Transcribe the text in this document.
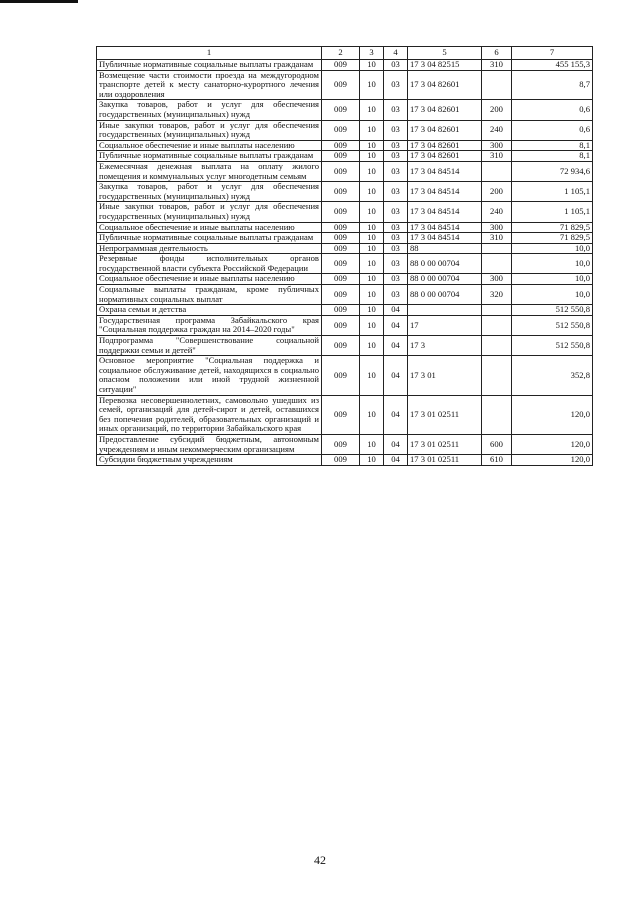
1	2	3	4	5	6	7
Публичные нормативные социальные выплаты гражданам	009	10	03	17 3 04 82515	310	455 155,3
Возмещение части стоимости проезда на междугородном транспорте детей к месту санаторно-курортного лечения или оздоровления	009	10	03	17 3 04 82601		8,7
Закупка товаров, работ и услуг для обеспечения государственных (муниципальных) нужд	009	10	03	17 3 04 82601	200	0,6
Иные закупки товаров, работ и услуг для обеспечения государственных (муниципальных) нужд	009	10	03	17 3 04 82601	240	0,6
Социальное обеспечение и иные выплаты населению	009	10	03	17 3 04 82601	300	8,1
Публичные нормативные социальные выплаты гражданам	009	10	03	17 3 04 82601	310	8,1
Ежемесячная денежная выплата на оплату жилого помещения и коммунальных услуг многодетным семьям	009	10	03	17 3 04 84514		72 934,6
Закупка товаров, работ и услуг для обеспечения государственных (муниципальных) нужд	009	10	03	17 3 04 84514	200	1 105,1
Иные закупки товаров, работ и услуг для обеспечения государственных (муниципальных) нужд	009	10	03	17 3 04 84514	240	1 105,1
Социальное обеспечение и иные выплаты населению	009	10	03	17 3 04 84514	300	71 829,5
Публичные нормативные социальные выплаты гражданам	009	10	03	17 3 04 84514	310	71 829,5
Непрограммная деятельность	009	10	03	88		10,0
Резервные фонды исполнительных органов государственной власти субъекта Российской Федерации	009	10	03	88 0 00 00704		10,0
Социальное обеспечение и иные выплаты населению	009	10	03	88 0 00 00704	300	10,0
Социальные выплаты гражданам, кроме публичных нормативных социальных выплат	009	10	03	88 0 00 00704	320	10,0
Охрана семьи и детства	009	10	04			512 550,8
Государственная программа Забайкальского края "Социальная поддержка граждан на 2014–2020 годы"	009	10	04	17		512 550,8
Подпрограмма "Совершенствование социальной поддержки семьи и детей"	009	10	04	17 3		512 550,8
Основное мероприятие "Социальная поддержка и социальное обслуживание детей, находящихся в социально опасном положении или иной трудной жизненной ситуации"	009	10	04	17 3 01		352,8
Перевозка несовершеннолетних, самовольно ушедших из семей, организаций для детей-сирот и детей, оставшихся без попечения родителей, образовательных организаций и иных организаций, по территории Забайкальского края	009	10	04	17 3 01 02511		120,0
Предоставление субсидий бюджетным, автономным учреждениям и иным некоммерческим организациям	009	10	04	17 3 01 02511	600	120,0
Субсидии бюджетным учреждениям	009	10	04	17 3 01 02511	610	120,0
42
